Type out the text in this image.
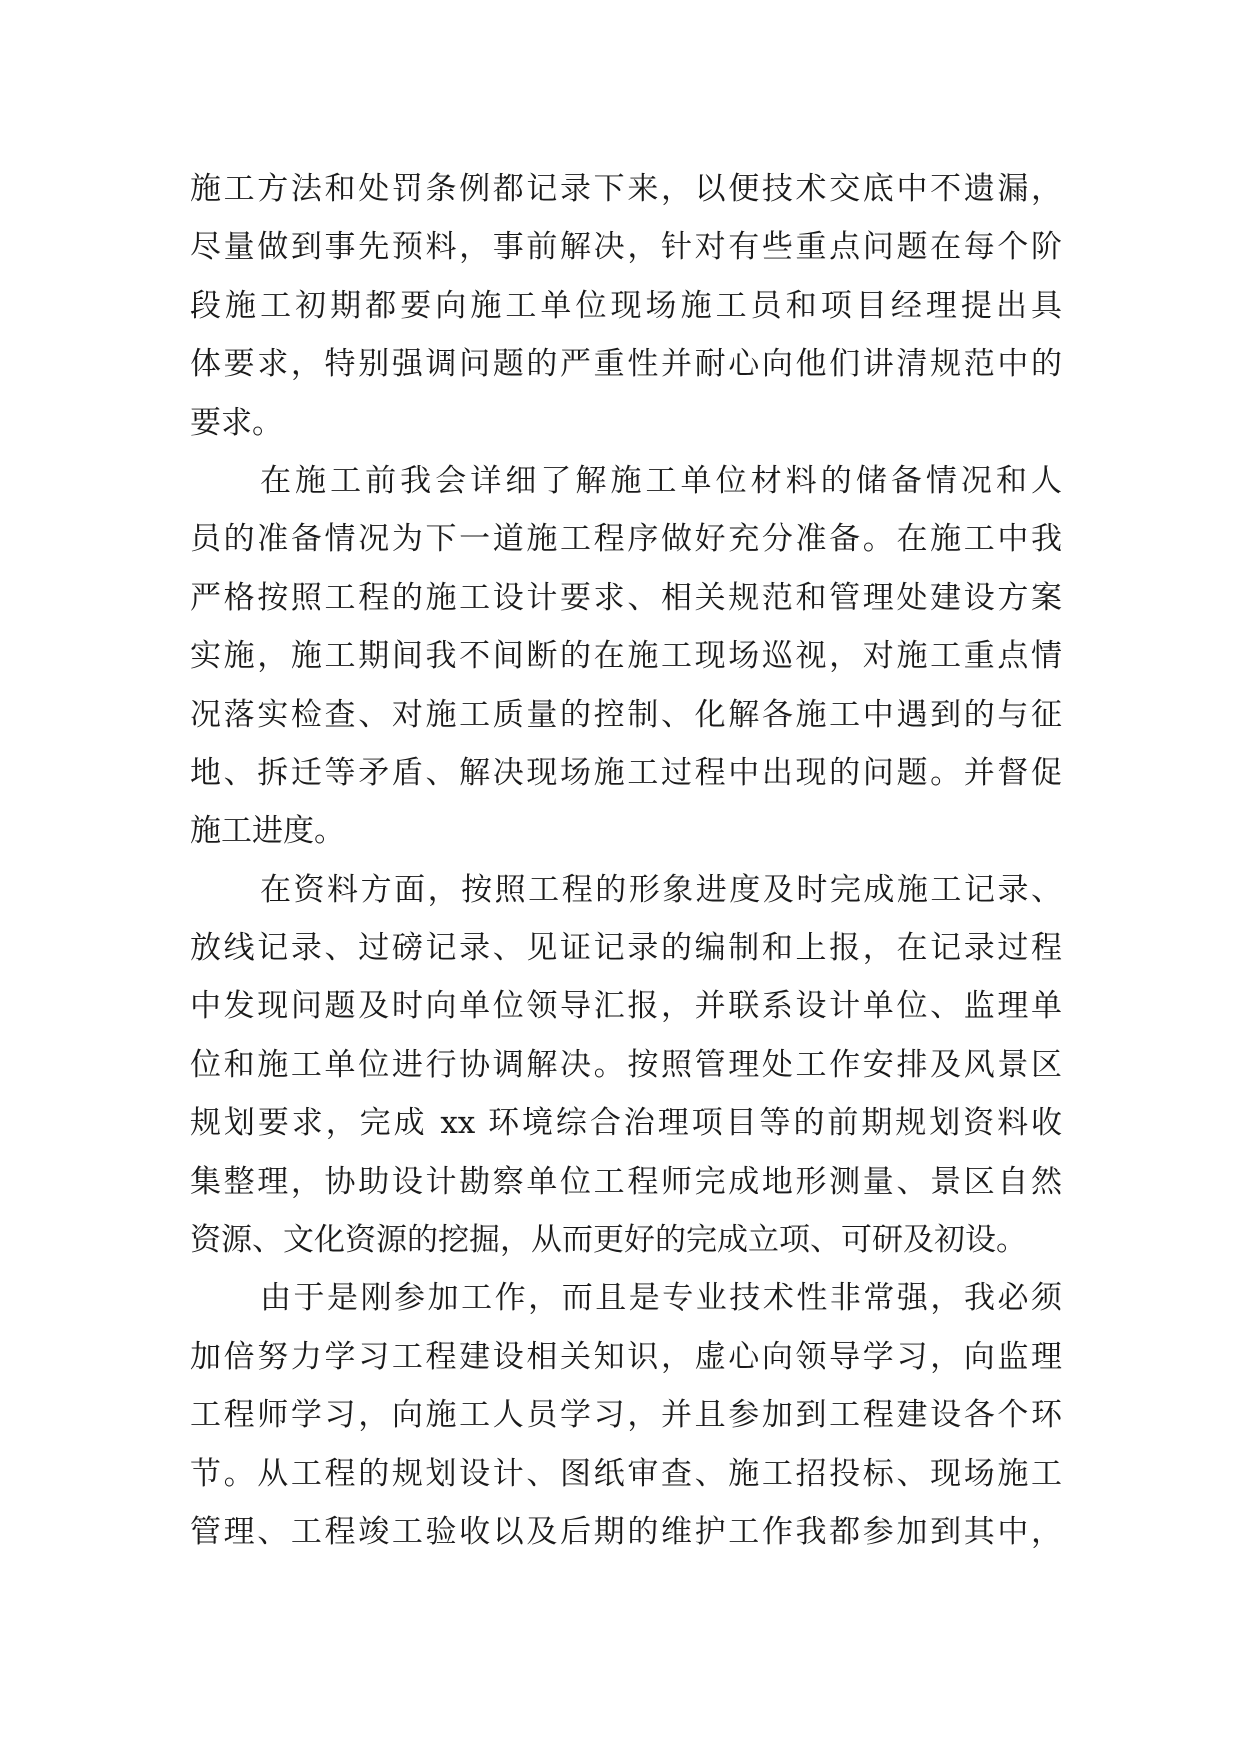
施工方法和处罚条例都记录下来，以便技术交底中不遗漏，
尽量做到事先预料，事前解决，针对有些重点问题在每个阶
段施工初期都要向施工单位现场施工员和项目经理提出具
体要求，特别强调问题的严重性并耐心向他们讲清规范中的
要求。
在施工前我会详细了解施工单位材料的储备情况和人
员的准备情况为下一道施工程序做好充分准备。在施工中我
严格按照工程的施工设计要求、相关规范和管理处建设方案
实施，施工期间我不间断的在施工现场巡视，对施工重点情
况落实检查、对施工质量的控制、化解各施工中遇到的与征
地、拆迁等矛盾、解决现场施工过程中出现的问题。并督促
施工进度。
在资料方面，按照工程的形象进度及时完成施工记录、
放线记录、过磅记录、见证记录的编制和上报，在记录过程
中发现问题及时向单位领导汇报，并联系设计单位、监理单
位和施工单位进行协调解决。按照管理处工作安排及风景区
规划要求，完成 xx 环境综合治理项目等的前期规划资料收
集整理，协助设计勘察单位工程师完成地形测量、景区自然
资源、文化资源的挖掘，从而更好的完成立项、可研及初设。
由于是刚参加工作，而且是专业技术性非常强，我必须
加倍努力学习工程建设相关知识，虚心向领导学习，向监理
工程师学习，向施工人员学习，并且参加到工程建设各个环
节。从工程的规划设计、图纸审查、施工招投标、现场施工
管理、工程竣工验收以及后期的维护工作我都参加到其中，
